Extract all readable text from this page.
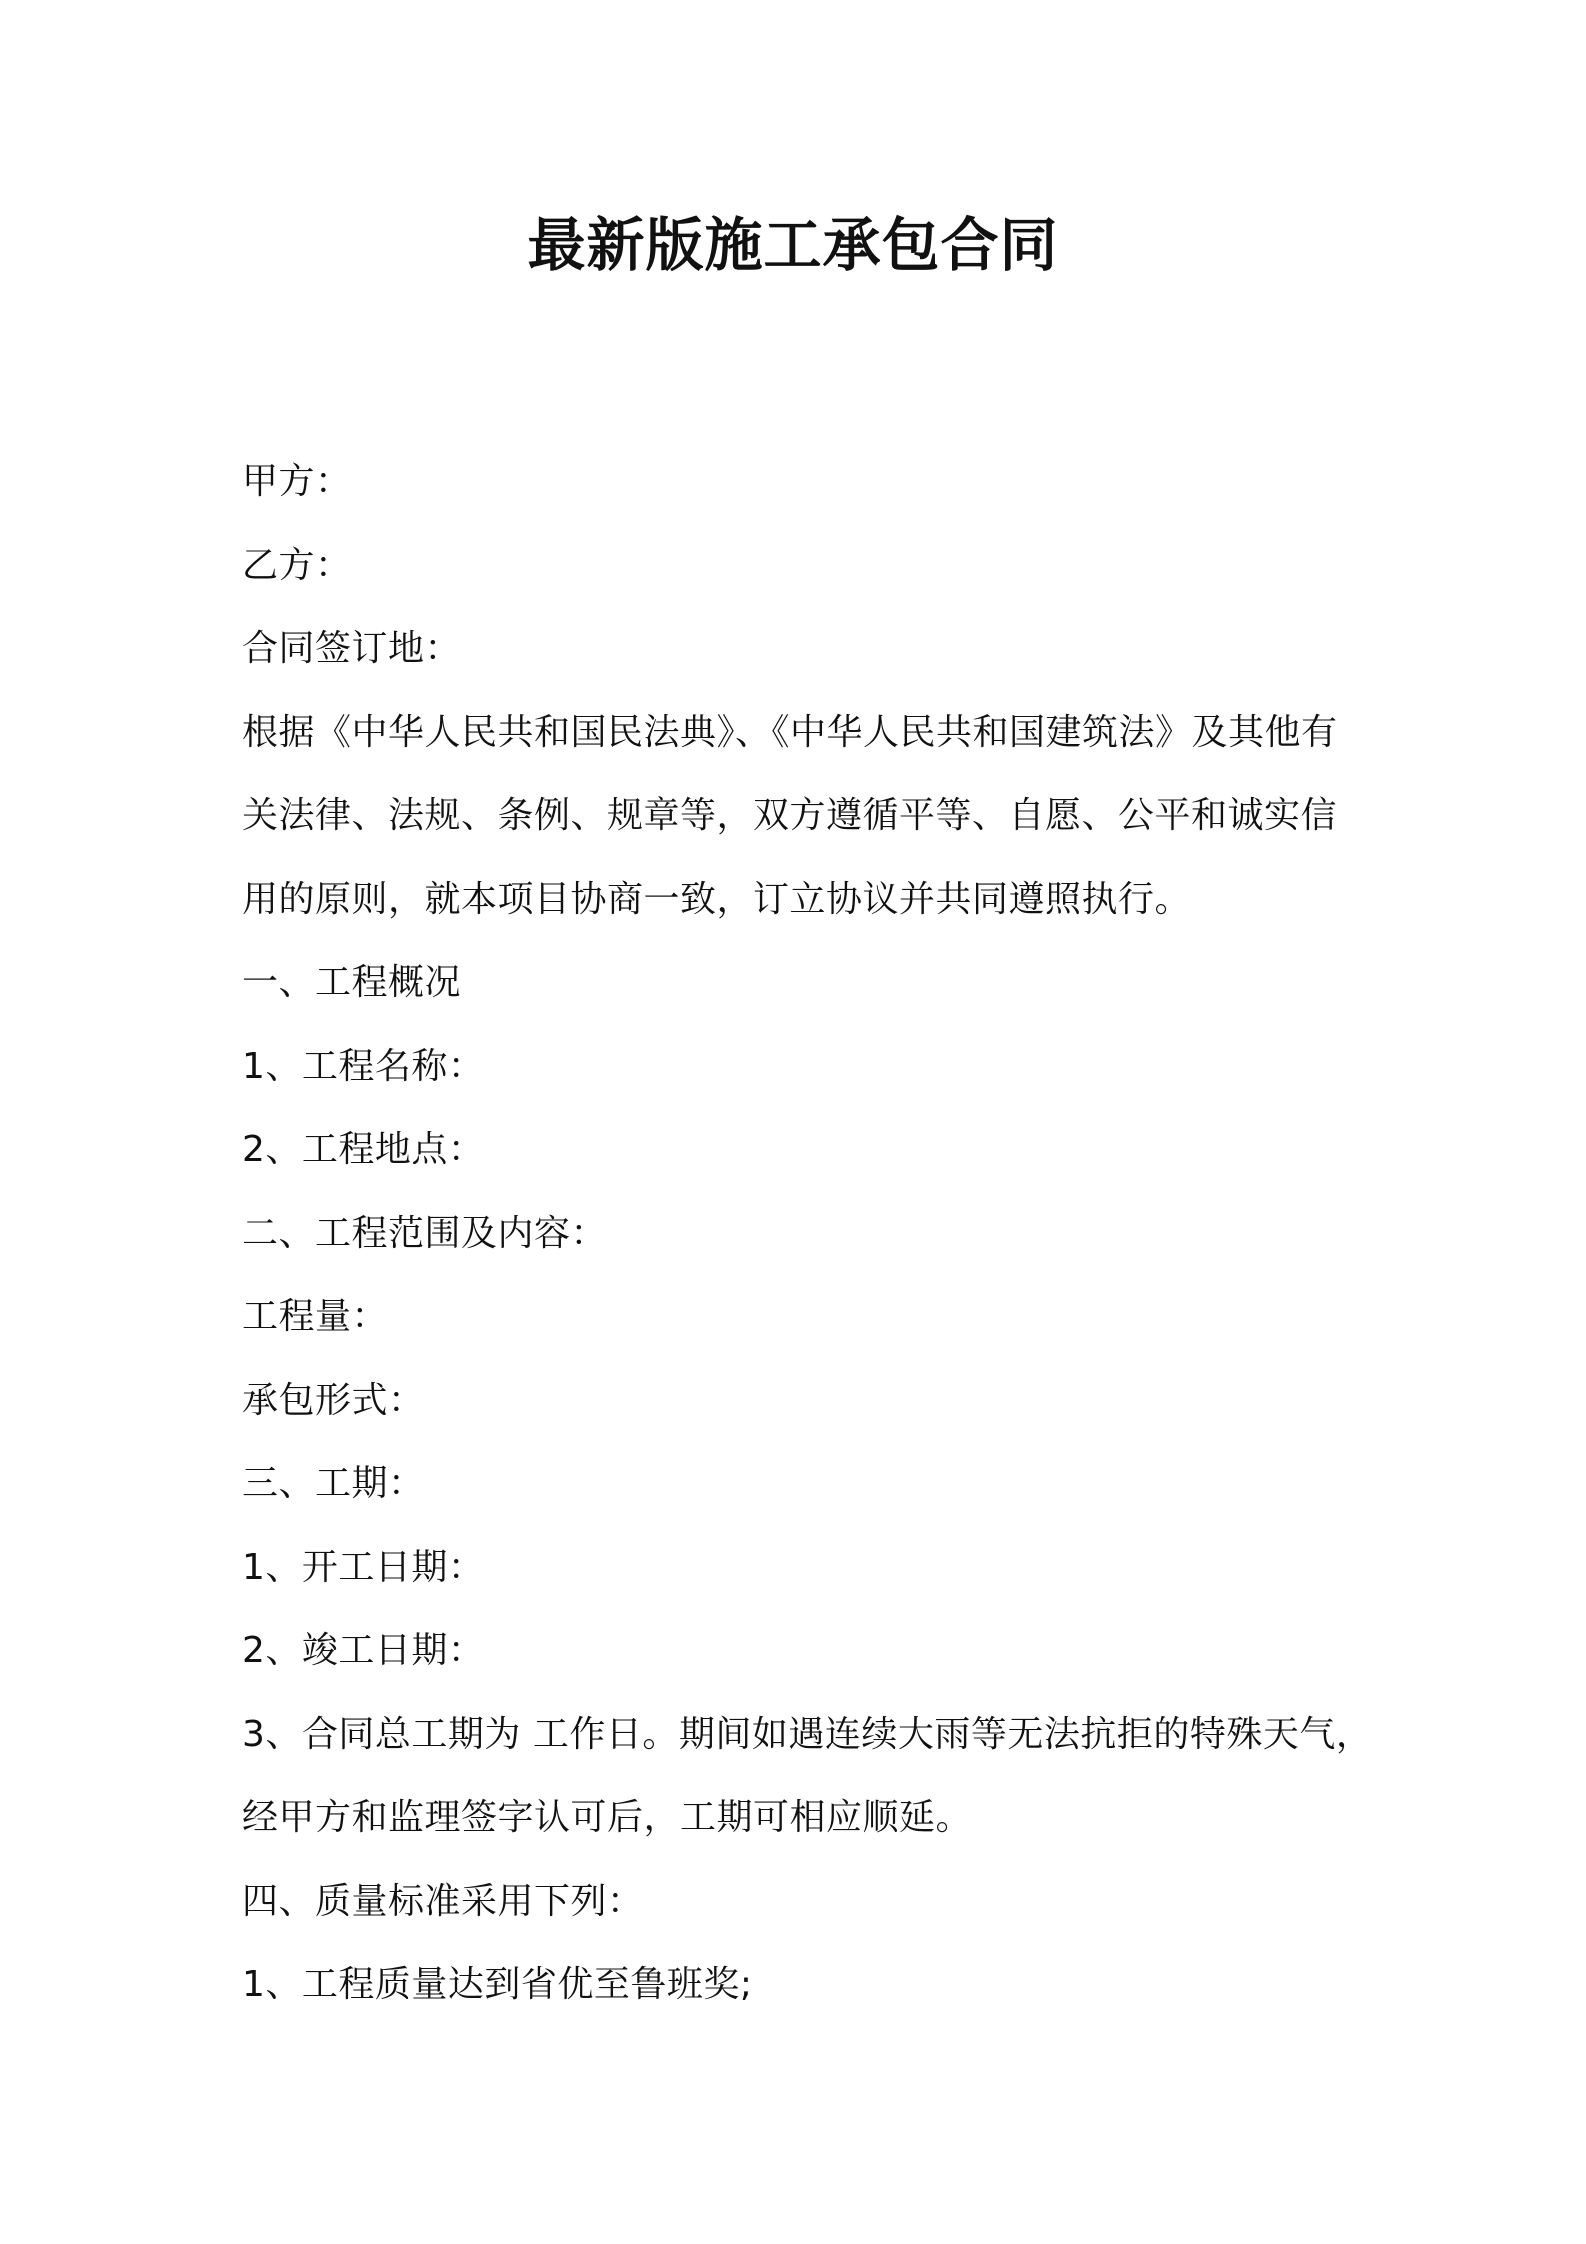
最新版施工承包合同

甲方：

乙方：

合同签订地：

根据《中华人民共和国民法典》、《中华人民共和国建筑法》及其他有

关法律、法规、条例、规章等，双方遵循平等、自愿、公平和诚实信

用的原则，就本项目协商一致，订立协议并共同遵照执行。

一、工程概况

1、工程名称：

2、工程地点：

二、工程范围及内容：

工程量：

承包形式：

三、工期：

1、开工日期：

2、竣工日期：

3、合同总工期为 工作日。期间如遇连续大雨等无法抗拒的特殊天气，

经甲方和监理签字认可后，工期可相应顺延。

四、质量标准采用下列：

1、工程质量达到省优至鲁班奖;
